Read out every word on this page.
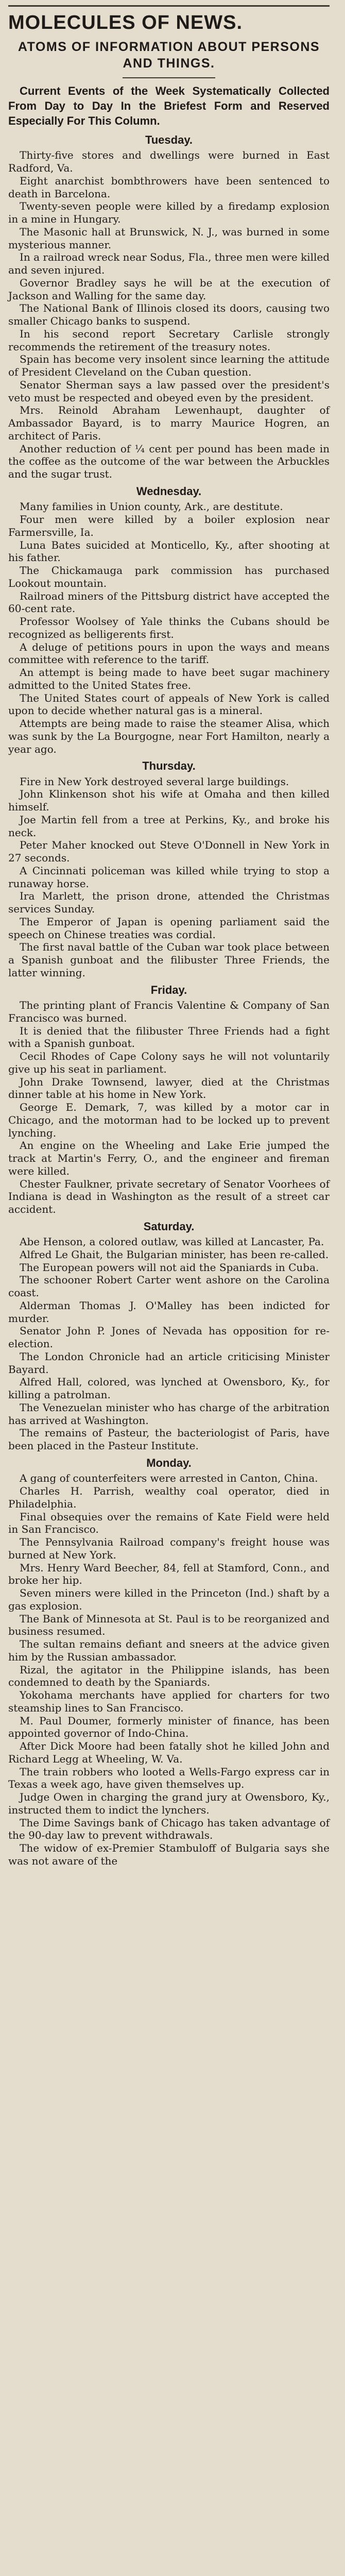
MOLECULES OF NEWS.
ATOMS OF INFORMATION ABOUT PERSONS AND THINGS.

Current Events of the Week Systematically Collected From Day to Day In the Briefest Form and Reserved Especially For This Column.

Tuesday.

Thirty-five stores and dwellings were burned in East Radford, Va.

Eight anarchist bombthrowers have been sentenced to death in Barcelona.

Twenty-seven people were killed by a firedamp explosion in a mine in Hungary.

The Masonic hall at Brunswick, N. J., was burned in some mysterious manner.

In a railroad wreck near Sodus, Fla., three men were killed and seven injured.

Governor Bradley says he will be at the execution of Jackson and Walling for the same day.

The National Bank of Illinois closed its doors, causing two smaller Chicago banks to suspend.

In his second report Secretary Carlisle strongly recommends the retirement of the treasury notes.

Spain has become very insolent since learning the attitude of President Cleveland on the Cuban question.

Senator Sherman says a law passed over the president's veto must be respected and obeyed even by the president.

Mrs. Reinold Abraham Lewenhaupt, daughter of Ambassador Bayard, is to marry Maurice Hogren, an architect of Paris.

Another reduction of ¼ cent per pound has been made in the coffee as the outcome of the war between the Arbuckles and the sugar trust.

Wednesday.

Many families in Union county, Ark., are destitute.

Four men were killed by a boiler explosion near Farmersville, Ia.

Luna Bates suicided at Monticello, Ky., after shooting at his father.

The Chickamauga park commission has purchased Lookout mountain.

Railroad miners of the Pittsburg district have accepted the 60-cent rate.

Professor Woolsey of Yale thinks the Cubans should be recognized as belligerents first.

A deluge of petitions pours in upon the ways and means committee with reference to the tariff.

An attempt is being made to have beet sugar machinery admitted to the United States free.

The United States court of appeals of New York is called upon to decide whether natural gas is a mineral.

Attempts are being made to raise the steamer Alisa, which was sunk by the La Bourgogne, near Fort Hamilton, nearly a year ago.

Thursday.

Fire in New York destroyed several large buildings.

John Klinkenson shot his wife at Omaha and then killed himself.

Joe Martin fell from a tree at Perkins, Ky., and broke his neck.

Peter Maher knocked out Steve O'Donnell in New York in 27 seconds.

A Cincinnati policeman was killed while trying to stop a runaway horse.

Ira Marlett, the prison drone, attended the Christmas services Sunday.

The Emperor of Japan is opening parliament said the speech on Chinese treaties was cordial.

The first naval battle of the Cuban war took place between a Spanish gunboat and the filibuster Three Friends, the latter winning.

Friday.

The printing plant of Francis Valentine & Company of San Francisco was burned.

It is denied that the filibuster Three Friends had a fight with a Spanish gunboat.

Cecil Rhodes of Cape Colony says he will not voluntarily give up his seat in parliament.

John Drake Townsend, lawyer, died at the Christmas dinner table at his home in New York.

George E. Demark, 7, was killed by a motor car in Chicago, and the motorman had to be locked up to prevent lynching.

An engine on the Wheeling and Lake Erie jumped the track at Martin's Ferry, O., and the engineer and fireman were killed.

Chester Faulkner, private secretary of Senator Voorhees of Indiana is dead in Washington as the result of a street car accident.

Saturday.

Abe Henson, a colored outlaw, was killed at Lancaster, Pa.

Alfred Le Ghait, the Bulgarian minister, has been re-called.

The European powers will not aid the Spaniards in Cuba.

The schooner Robert Carter went ashore on the Carolina coast.

Alderman Thomas J. O'Malley has been indicted for murder.

Senator John P. Jones of Nevada has opposition for re-election.

The London Chronicle had an article criticising Minister Bayard.

Alfred Hall, colored, was lynched at Owensboro, Ky., for killing a patrolman.

The Venezuelan minister who has charge of the arbitration has arrived at Washington.

The remains of Pasteur, the bacteriologist of Paris, have been placed in the Pasteur Institute.

Monday.

A gang of counterfeiters were arrested in Canton, China.

Charles H. Parrish, wealthy coal operator, died in Philadelphia.

Final obsequies over the remains of Kate Field were held in San Francisco.

The Pennsylvania Railroad company's freight house was burned at New York.

Mrs. Henry Ward Beecher, 84, fell at Stamford, Conn., and broke her hip.

Seven miners were killed in the Princeton (Ind.) shaft by a gas explosion.

The Bank of Minnesota at St. Paul is to be reorganized and business resumed.

The sultan remains defiant and sneers at the advice given him by the Russian ambassador.

Rizal, the agitator in the Philippine islands, has been condemned to death by the Spaniards.

Yokohama merchants have applied for charters for two steamship lines to San Francisco.

M. Paul Doumer, formerly minister of finance, has been appointed governor of Indo-China.

After Dick Moore had been fatally shot he killed John and Richard Legg at Wheeling, W. Va.

The train robbers who looted a Wells-Fargo express car in Texas a week ago, have given themselves up.

Judge Owen in charging the grand jury at Owensboro, Ky., instructed them to indict the lynchers.

The Dime Savings bank of Chicago has taken advantage of the 90-day law to prevent withdrawals.

The widow of ex-Premier Stambuloff of Bulgaria says she was not aware of the
